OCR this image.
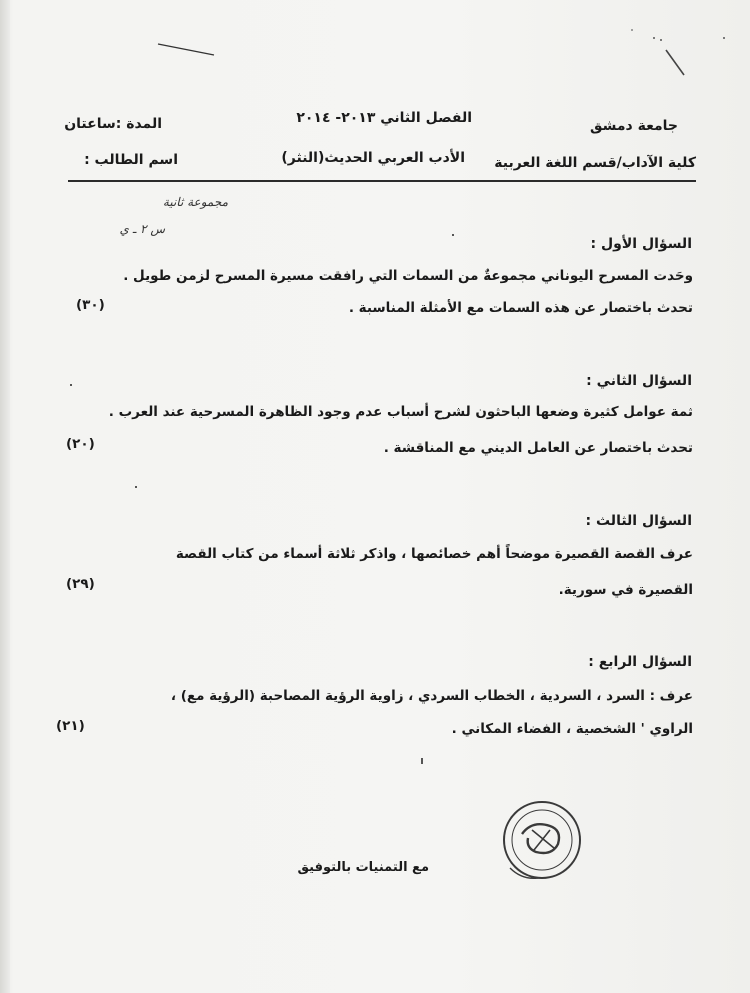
جامعة دمشق
كلية الآداب/قسم اللغة العربية
الفصل الثاني ٢٠١٣- ٢٠١٤
الأدب العربي الحديث(النثر)
المدة :ساعتان
اسم الطالب :
مجموعة ثانية
س ٢ ـ ي
السؤال الأول :
وحَدت المسرح اليوناني مجموعةٌ من السمات التي رافقت مسيرة المسرح لزمن طويل .
تحدث باختصار عن هذه السمات مع الأمثلة المناسبة .
(٣٠)
السؤال الثاني :
ثمة عوامل كثيرة وضعها الباحثون لشرح أسباب عدم وجود الظاهرة المسرحية عند العرب .
تحدث باختصار عن العامل الديني مع المناقشة .
(٢٠)
السؤال الثالث :
عرف القصة القصيرة موضحاً أهم خصائصها ، واذكر ثلاثة أسماء من كتاب القصة
القصيرة في سورية.
(٢٩)
السؤال الرابع :
عرف : السرد ، السردية ، الخطاب السردي ، زاوية الرؤية المصاحبة (الرؤية مع) ،
الراوي ' الشخصية ، الفضاء المكاني .
(٢١)
مع التمنيات بالتوفيق
